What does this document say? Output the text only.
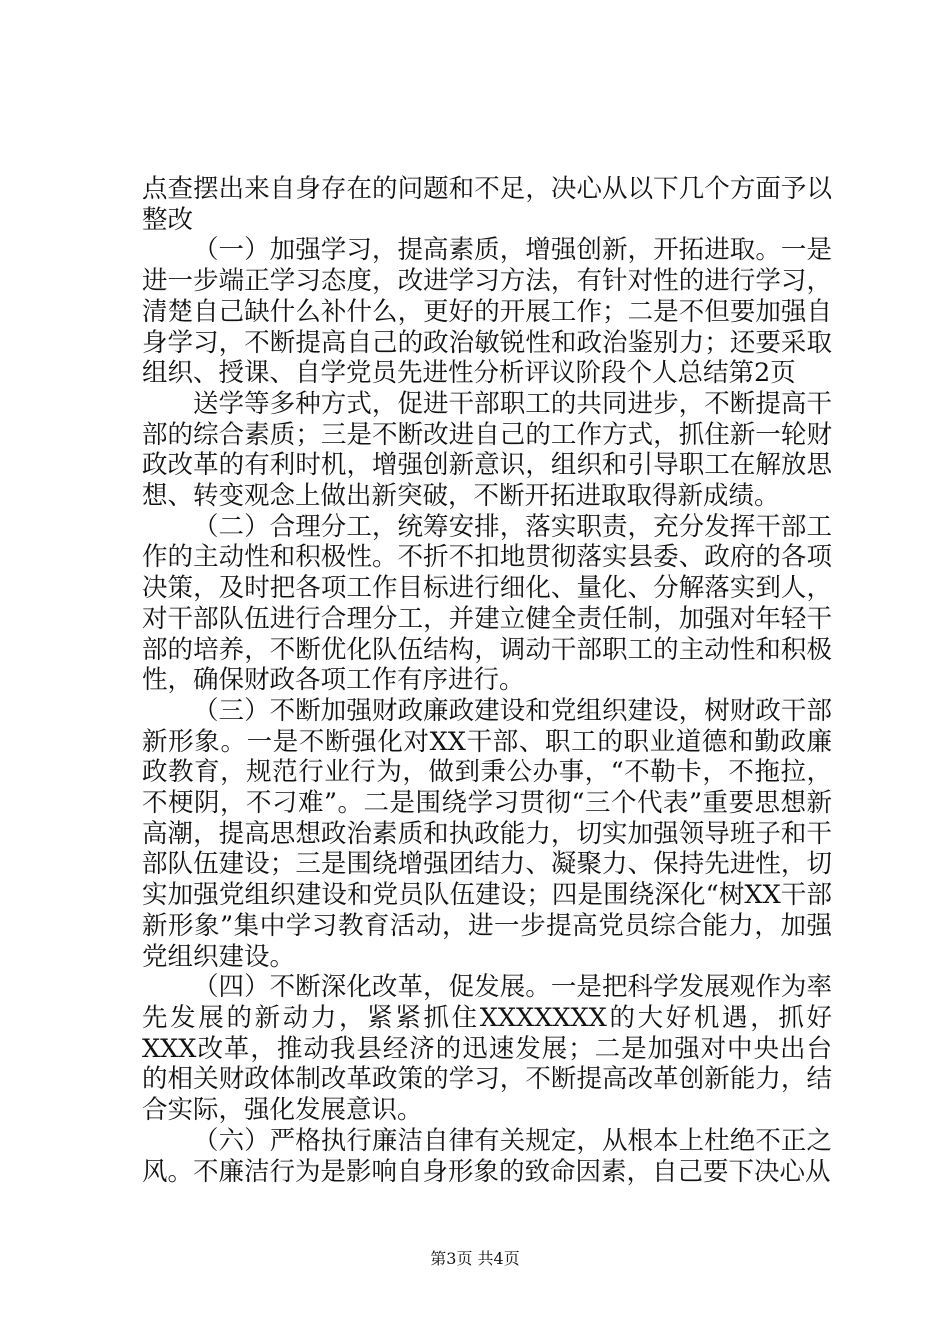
点查摆出来自身存在的问题和不足，决心从以下几个方面予以整改

（一）加强学习，提高素质，增强创新，开拓进取。一是进一步端正学习态度，改进学习方法，有针对性的进行学习，清楚自己缺什么补什么，更好的开展工作；二是不但要加强自身学习，不断提高自己的政治敏锐性和政治鉴别力；还要采取组织、授课、自学党员先进性分析评议阶段个人总结第2页

送学等多种方式，促进干部职工的共同进步，不断提高干部的综合素质；三是不断改进自己的工作方式，抓住新一轮财政改革的有利时机，增强创新意识，组织和引导职工在解放思想、转变观念上做出新突破，不断开拓进取取得新成绩。

（二）合理分工，统筹安排，落实职责，充分发挥干部工作的主动性和积极性。不折不扣地贯彻落实县委、政府的各项决策，及时把各项工作目标进行细化、量化、分解落实到人，对干部队伍进行合理分工，并建立健全责任制，加强对年轻干部的培养，不断优化队伍结构，调动干部职工的主动性和积极性，确保财政各项工作有序进行。

（三）不断加强财政廉政建设和党组织建设，树财政干部新形象。一是不断强化对XX干部、职工的职业道德和勤政廉政教育，规范行业行为，做到秉公办事，“不勒卡，不拖拉，不梗阴，不刁难”。二是围绕学习贯彻“三个代表”重要思想新高潮，提高思想政治素质和执政能力，切实加强领导班子和干部队伍建设；三是围绕增强团结力、凝聚力、保持先进性，切实加强党组织建设和党员队伍建设；四是围绕深化“树XX干部新形象”集中学习教育活动，进一步提高党员综合能力，加强党组织建设。

（四）不断深化改革，促发展。一是把科学发展观作为率先发展的新动力，紧紧抓住XXXXXXX的大好机遇，抓好XXX改革，推动我县经济的迅速发展；二是加强对中央出台的相关财政体制改革政策的学习，不断提高改革创新能力，结合实际，强化发展意识。

（六）严格执行廉洁自律有关规定，从根本上杜绝不正之风。不廉洁行为是影响自身形象的致命因素，自己要下决心从

第3页 共4页
